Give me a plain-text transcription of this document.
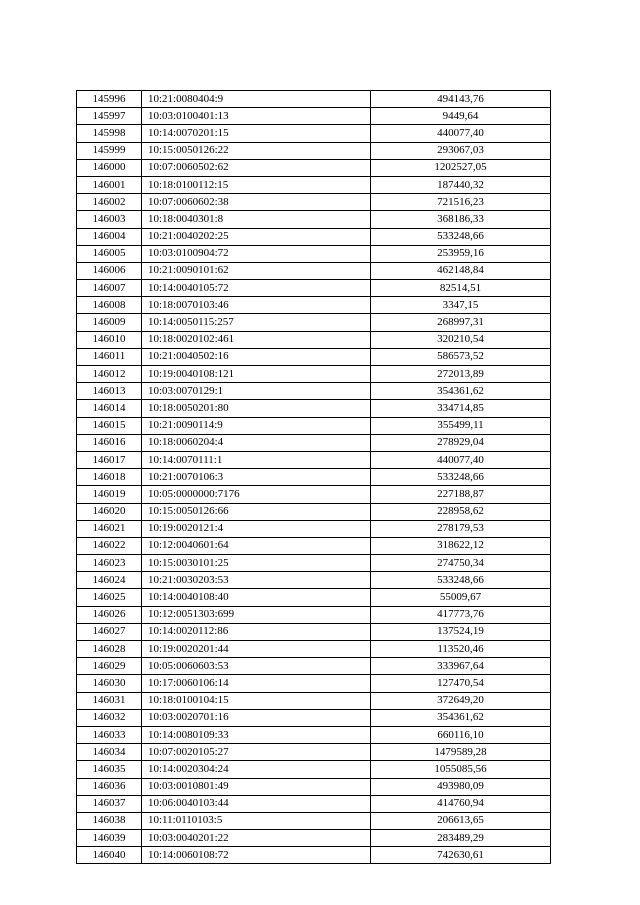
145996	10:21:0080404:9	494143,76
145997	10:03:0100401:13	9449,64
145998	10:14:0070201:15	440077,40
145999	10:15:0050126:22	293067,03
146000	10:07:0060502:62	1202527,05
146001	10:18:0100112:15	187440,32
146002	10:07:0060602:38	721516,23
146003	10:18:0040301:8	368186,33
146004	10:21:0040202:25	533248,66
146005	10:03:0100904:72	253959,16
146006	10:21:0090101:62	462148,84
146007	10:14:0040105:72	82514,51
146008	10:18:0070103:46	3347,15
146009	10:14:0050115:257	268997,31
146010	10:18:0020102:461	320210,54
146011	10:21:0040502:16	586573,52
146012	10:19:0040108:121	272013,89
146013	10:03:0070129:1	354361,62
146014	10:18:0050201:80	334714,85
146015	10:21:0090114:9	355499,11
146016	10:18:0060204:4	278929,04
146017	10:14:0070111:1	440077,40
146018	10:21:0070106:3	533248,66
146019	10:05:0000000:7176	227188,87
146020	10:15:0050126:66	228958,62
146021	10:19:0020121:4	278179,53
146022	10:12:0040601:64	318622,12
146023	10:15:0030101:25	274750,34
146024	10:21:0030203:53	533248,66
146025	10:14:0040108:40	55009,67
146026	10:12:0051303:699	417773,76
146027	10:14:0020112:86	137524,19
146028	10:19:0020201:44	113520,46
146029	10:05:0060603:53	333967,64
146030	10:17:0060106:14	127470,54
146031	10:18:0100104:15	372649,20
146032	10:03:0020701:16	354361,62
146033	10:14:0080109:33	660116,10
146034	10:07:0020105:27	1479589,28
146035	10:14:0020304:24	1055085,56
146036	10:03:0010801:49	493980,09
146037	10:06:0040103:44	414760,94
146038	10:11:0110103:5	206613,65
146039	10:03:0040201:22	283489,29
146040	10:14:0060108:72	742630,61
